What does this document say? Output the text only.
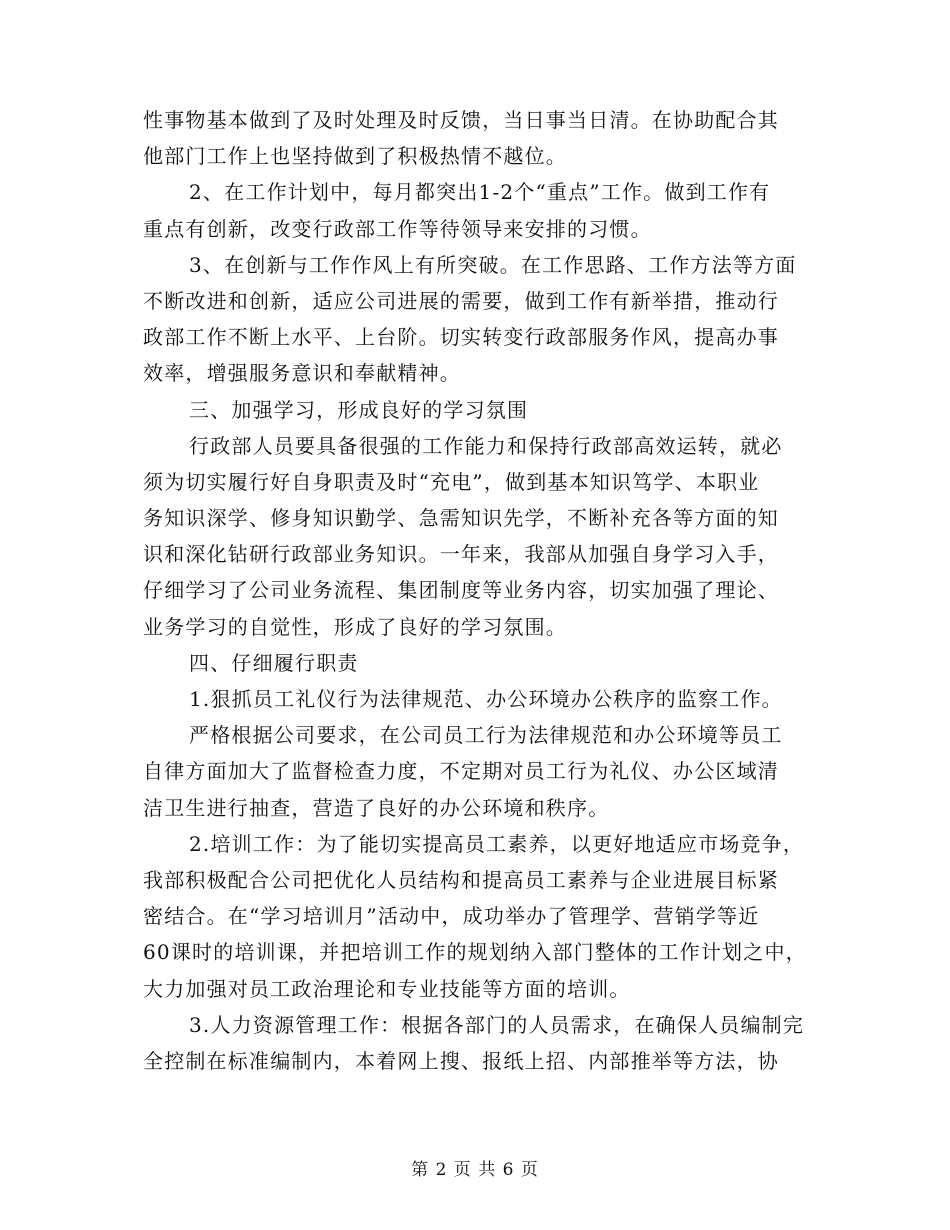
性事物基本做到了及时处理及时反馈，当日事当日清。在协助配合其
他部门工作上也坚持做到了积极热情不越位。
2、在工作计划中，每月都突出1-2个“重点”工作。做到工作有
重点有创新，改变行政部工作等待领导来安排的习惯。
3、在创新与工作作风上有所突破。在工作思路、工作方法等方面
不断改进和创新，适应公司进展的需要，做到工作有新举措，推动行
政部工作不断上水平、上台阶。切实转变行政部服务作风，提高办事
效率，增强服务意识和奉献精神。
三、加强学习，形成良好的学习氛围
行政部人员要具备很强的工作能力和保持行政部高效运转，就必
须为切实履行好自身职责及时“充电”，做到基本知识笃学、本职业
务知识深学、修身知识勤学、急需知识先学，不断补充各等方面的知
识和深化钻研行政部业务知识。一年来，我部从加强自身学习入手，
仔细学习了公司业务流程、集团制度等业务内容，切实加强了理论、
业务学习的自觉性，形成了良好的学习氛围。
四、仔细履行职责
1.狠抓员工礼仪行为法律规范、办公环境办公秩序的监察工作。
严格根据公司要求，在公司员工行为法律规范和办公环境等员工
自律方面加大了监督检查力度，不定期对员工行为礼仪、办公区域清
洁卫生进行抽查，营造了良好的办公环境和秩序。
2.培训工作：为了能切实提高员工素养，以更好地适应市场竞争，
我部积极配合公司把优化人员结构和提高员工素养与企业进展目标紧
密结合。在“学习培训月”活动中，成功举办了管理学、营销学等近
60课时的培训课，并把培训工作的规划纳入部门整体的工作计划之中，
大力加强对员工政治理论和专业技能等方面的培训。
3.人力资源管理工作：根据各部门的人员需求，在确保人员编制完
全控制在标准编制内，本着网上搜、报纸上招、内部推举等方法，协
第 2 页 共 6 页
